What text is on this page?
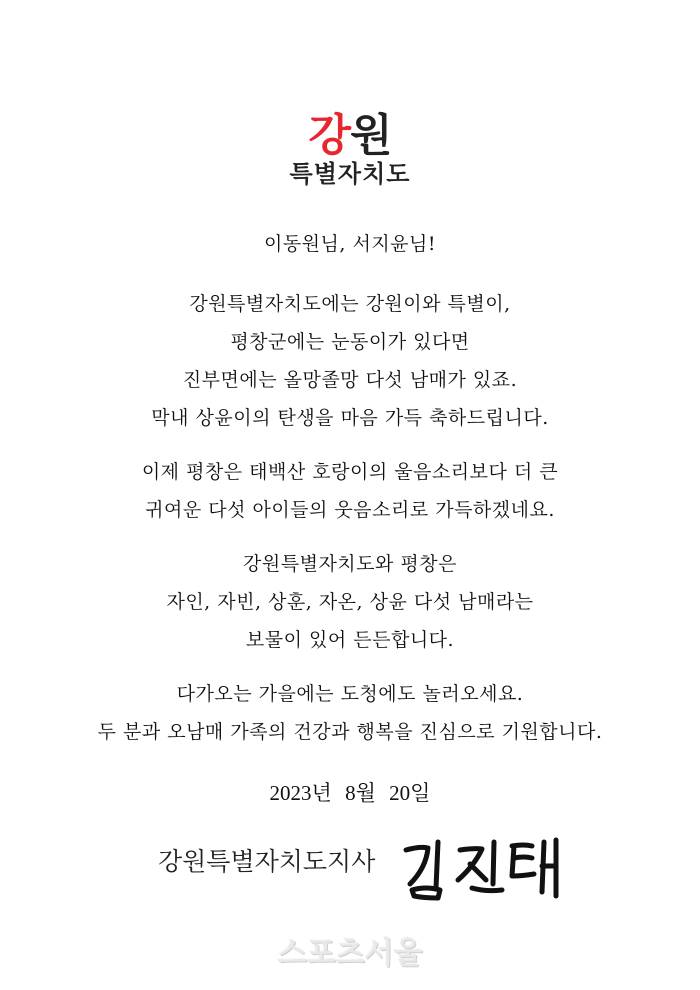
강원
특별자치도
이동원님, 서지윤님!
강원특별자치도에는 강원이와 특별이,
평창군에는 눈동이가 있다면
진부면에는 올망졸망 다섯 남매가 있죠.
막내 상윤이의 탄생을 마음 가득 축하드립니다.
이제 평창은 태백산 호랑이의 울음소리보다 더 큰
귀여운 다섯 아이들의 웃음소리로 가득하겠네요.
강원특별자치도와 평창은
자인, 자빈, 상훈, 자온, 상윤 다섯 남매라는
보물이 있어 든든합니다.
다가오는 가을에는 도청에도 놀러오세요.
두 분과 오남매 가족의 건강과 행복을 진심으로 기원합니다.
2023년 8월 20일
강원특별자치도지사
스포츠서울
